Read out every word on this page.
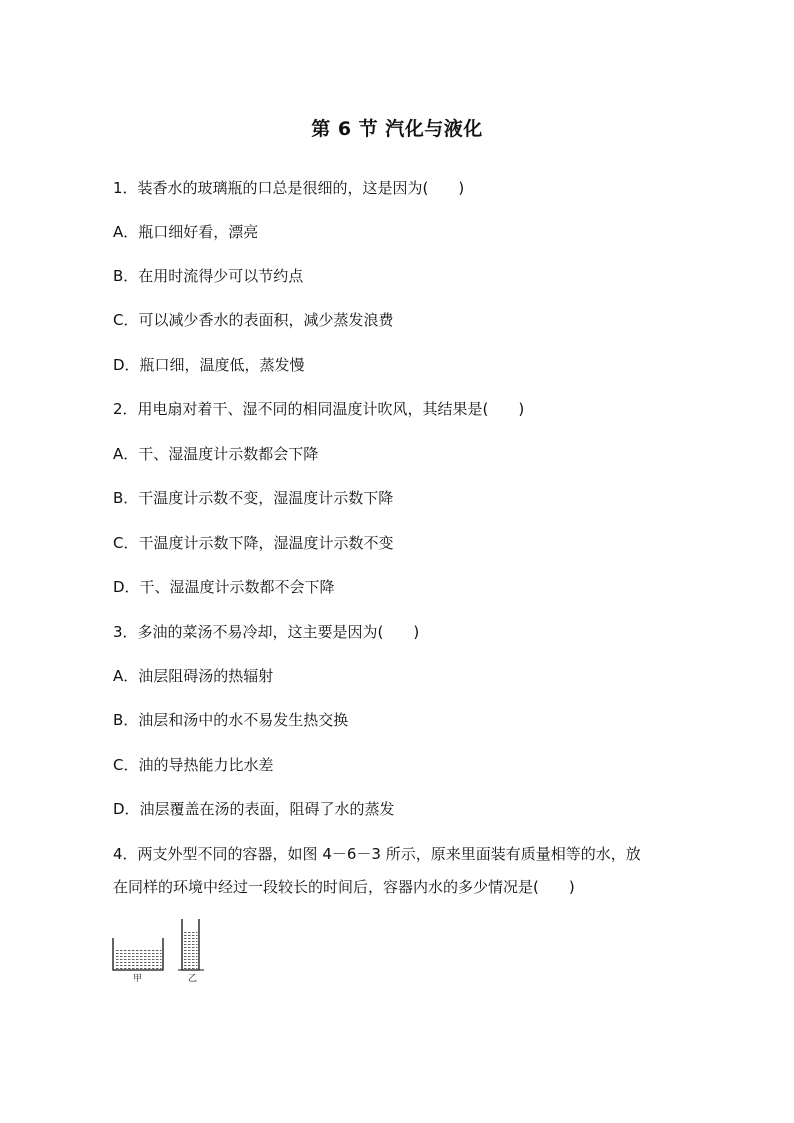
第 6 节 汽化与液化
1．装香水的玻璃瓶的口总是很细的，这是因为(　　)
A．瓶口细好看，漂亮
B．在用时流得少可以节约点
C．可以减少香水的表面积，减少蒸发浪费
D．瓶口细，温度低，蒸发慢
2．用电扇对着干、湿不同的相同温度计吹风，其结果是(　　)
A．干、湿温度计示数都会下降
B．干温度计示数不变，湿温度计示数下降
C．干温度计示数下降，湿温度计示数不变
D．干、湿温度计示数都不会下降
3．多油的菜汤不易冷却，这主要是因为(　　)
A．油层阻碍汤的热辐射
B．油层和汤中的水不易发生热交换
C．油的导热能力比水差
D．油层覆盖在汤的表面，阻碍了水的蒸发
4．两支外型不同的容器，如图 4－6－3 所示，原来里面装有质量相等的水，放
在同样的环境中经过一段较长的时间后，容器内水的多少情况是(　　)
甲	乙
